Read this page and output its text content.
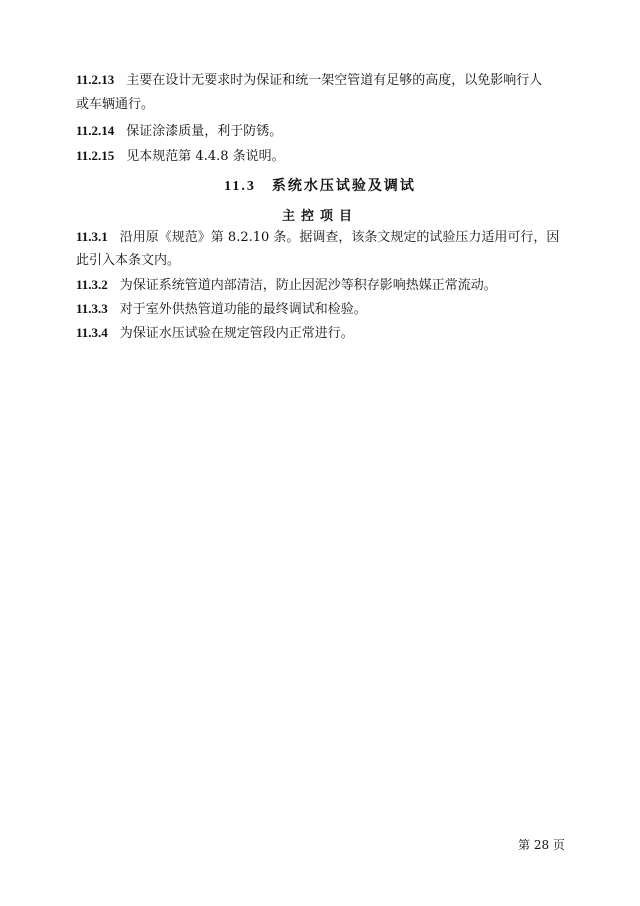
11.2.13 主要在设计无要求时为保证和统一架空管道有足够的高度，以免影响行人
或车辆通行。
11.2.14 保证涂漆质量，利于防锈。
11.2.15 见本规范第 4.4.8 条说明。
11.3 系统水压试验及调试
主控项目
11.3.1 沿用原《规范》第 8.2.10 条。据调查，该条文规定的试验压力适用可行，因
此引入本条文内。
11.3.2 为保证系统管道内部清洁，防止因泥沙等积存影响热媒正常流动。
11.3.3 对于室外供热管道功能的最终调试和检验。
11.3.4 为保证水压试验在规定管段内正常进行。
第 28 页
